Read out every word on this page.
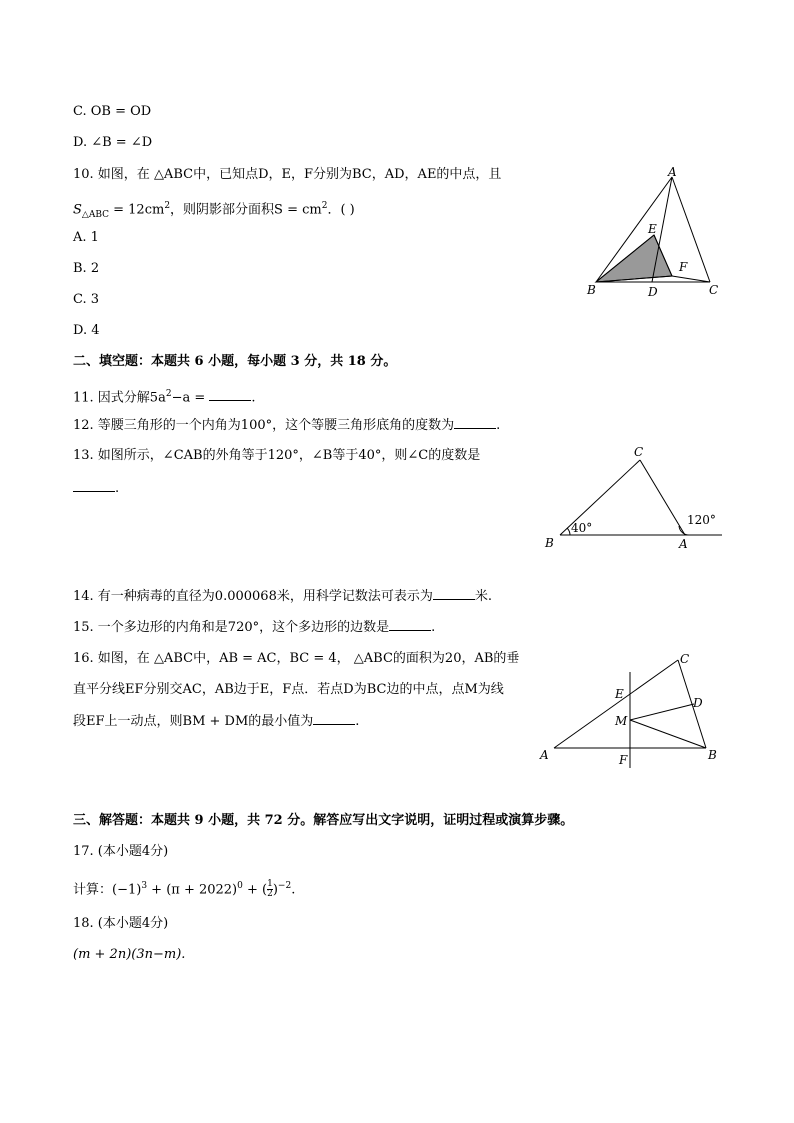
C. OB = OD
D. ∠B = ∠D
10. 如图，在 △ABC中，已知点D，E，F分别为BC，AD，AE的中点，且
$S_{\triangle ABC} = 12cm^2$，则阴影部分面积$S = cm^2$．( )
A. 1
B. 2
C. 3
D. 4
A
E
F
B	D	C
二、填空题：本题共 6 小题，每小题 3 分，共 18 分。
11. 因式分解$5a^2-a$ =	.
12. 等腰三角形的一个内角为100°，这个等腰三角形底角的度数为	.
13. 如图所示，∠CAB的外角等于120°，∠B等于40°，则∠C的度数是
.
C
B	A
40°
120°
14. 有一种病毒的直径为0.000068米，用科学记数法可表示为	米.
15. 一个多边形的内角和是720°，这个多边形的边数是	.
16. 如图，在 △ABC中，AB = AC，BC = 4， △ABC的面积为20，AB的垂
直平分线EF分别交AC，AB边于E，F点．若点D为BC边的中点，点M为线
段EF上一动点，则BM + DM的最小值为	.
C
E
D
M
A	F	B
三、解答题：本题共 9 小题，共 72 分。解答应写出文字说明，证明过程或演算步骤。
17. (本小题4分)
计算：$(-1)^3 + (\pi + 2022)^0$ + ( $\frac{1}{2} )^{-2}$.
18. (本小题4分)
(m + 2n)(3n−m).
